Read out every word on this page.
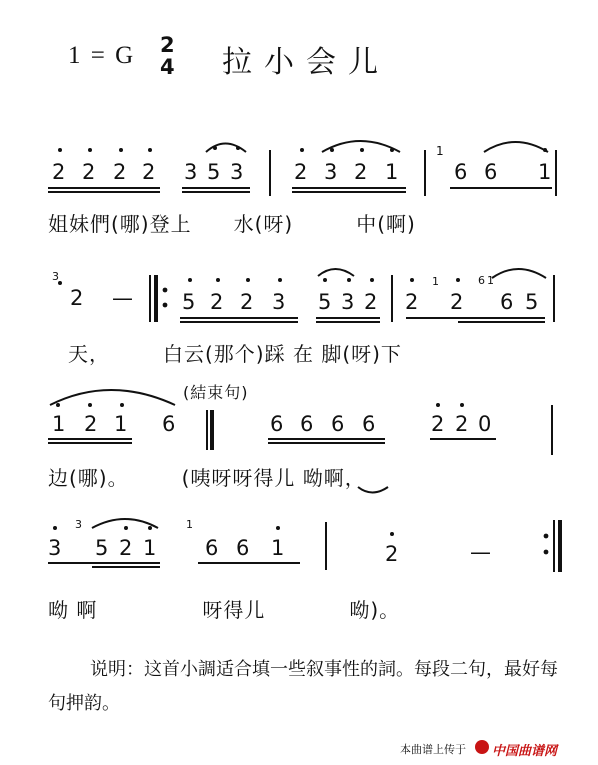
1 = G 2
4 拉小会儿
2 2 2 2 3 5 3 2 3 2 1	6 6 1
1
姐妹們(哪)登上　　水(呀)　　　中(啊)
3
2 — 5 2 2 3 5 3 2 2
1
2
6 1
6 5
天，　　　白云(那个)踩 在 脚(呀)下
(結束句)
1 2 1 6	6 6 6 6	2 2 0
边(哪)。　　　(咦呀呀得儿 呦啊，
3
3
5 2 1
1
6 6 1	2	—
呦 啊　　　　　呀得儿　　　　呦)。
说明：这首小調适合填一些叙事性的詞。每段二句，最好每句押韵。
本曲谱上传于 中国曲谱网
